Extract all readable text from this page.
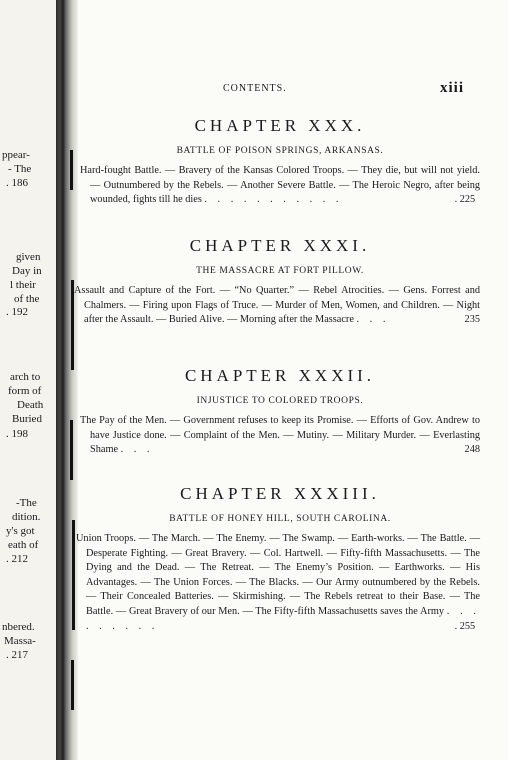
ppear-
- The
. 186
given
Day in
l their
of the
. 192
arch to
form of
Death
Buried
. 198
-The
dition.
y's got
eath of
. 212
nbered.
Massa-
. 217
CONTENTS.	xiii
CHAPTER XXX.
BATTLE OF POISON SPRINGS, ARKANSAS.
Hard-fought Battle. — Bravery of the Kansas Colored Troops. — They die, but will not yield. — Outnumbered by the Rebels. — Another Severe Battle. — The Heroic Negro, after being wounded, fights till he dies . . . . . . . . . . .	. 225
CHAPTER XXXI.
THE MASSACRE AT FORT PILLOW.
Assault and Capture of the Fort. — “No Quarter.” — Rebel Atrocities. — Gens. Forrest and Chalmers. — Firing upon Flags of Truce. — Murder of Men, Women, and Children. — Night after the Assault. — Buried Alive. — Morning after the Massacre . . .	235
CHAPTER XXXII.
INJUSTICE TO COLORED TROOPS.
The Pay of the Men. — Government refuses to keep its Promise. — Efforts of Gov. Andrew to have Justice done. — Complaint of the Men. — Mutiny. — Military Murder. — Everlasting Shame . . .	248
CHAPTER XXXIII.
BATTLE OF HONEY HILL, SOUTH CAROLINA.
Union Troops. — The March. — The Enemy. — The Swamp. — Earth-works. — The Battle. — Desperate Fighting. — Great Bravery. — Col. Hartwell. — Fifty-fifth Massachusetts. — The Dying and the Dead. — The Retreat. — The Enemy’s Position. — Earthworks. — His Advantages. — The Union Forces. — The Blacks. — Our Army outnumbered by the Rebels. — Their Concealed Batteries. — Skirmishing. — The Rebels retreat to their Base. — The Battle. — Great Bravery of our Men. — The Fifty-fifth Massachusetts saves the Army . . . . . . . . .	. 255
